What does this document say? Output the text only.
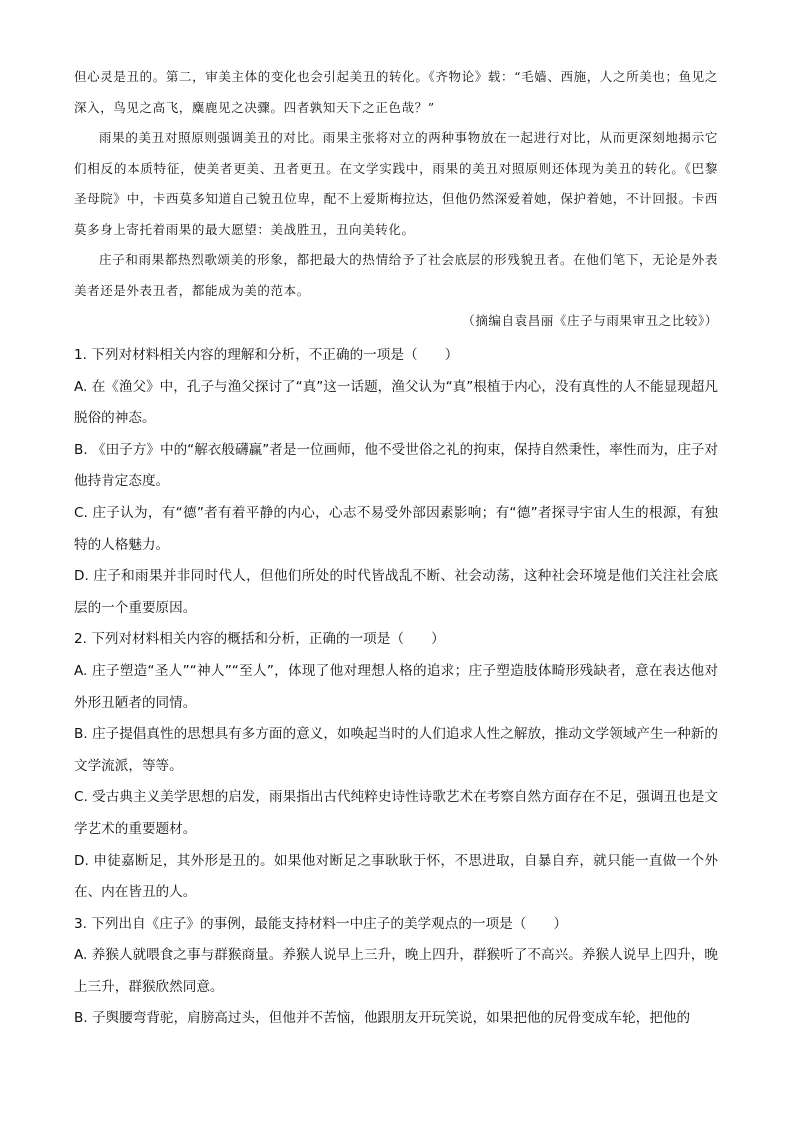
但心灵是丑的。第二，审美主体的变化也会引起美丑的转化。《齐物论》载：“毛嫱、西施，人之所美也；鱼见之深入，鸟见之高飞，麋鹿见之决骤。四者孰知天下之正色哉？”

雨果的美丑对照原则强调美丑的对比。雨果主张将对立的两种事物放在一起进行对比，从而更深刻地揭示它们相反的本质特征，使美者更美、丑者更丑。在文学实践中，雨果的美丑对照原则还体现为美丑的转化。《巴黎圣母院》中，卡西莫多知道自己貌丑位卑，配不上爱斯梅拉达，但他仍然深爱着她，保护着她，不计回报。卡西莫多身上寄托着雨果的最大愿望：美战胜丑，丑向美转化。

庄子和雨果都热烈歌颂美的形象，都把最大的热情给予了社会底层的形残貌丑者。在他们笔下，无论是外表美者还是外表丑者，都能成为美的范本。

（摘编自袁昌丽《庄子与雨果审丑之比较》）

1. 下列对材料相关内容的理解和分析，不正确的一项是（　　）

A. 在《渔父》中，孔子与渔父探讨了“真”这一话题，渔父认为“真”根植于内心，没有真性的人不能显现超凡脱俗的神态。

B. 《田子方》中的“解衣般礴赢”者是一位画师，他不受世俗之礼的拘束，保持自然秉性，率性而为，庄子对他持肯定态度。

C. 庄子认为，有“德”者有着平静的内心，心志不易受外部因素影响；有“德”者探寻宇宙人生的根源，有独特的人格魅力。

D. 庄子和雨果并非同时代人，但他们所处的时代皆战乱不断、社会动荡，这种社会环境是他们关注社会底层的一个重要原因。

2. 下列对材料相关内容的概括和分析，正确的一项是（　　）

A. 庄子塑造“圣人”“神人”“至人”，体现了他对理想人格的追求；庄子塑造肢体畸形残缺者，意在表达他对外形丑陋者的同情。

B. 庄子提倡真性的思想具有多方面的意义，如唤起当时的人们追求人性之解放，推动文学领域产生一种新的文学流派，等等。

C. 受古典主义美学思想的启发，雨果指出古代纯粹史诗性诗歌艺术在考察自然方面存在不足，强调丑也是文学艺术的重要题材。

D. 申徒嘉断足，其外形是丑的。如果他对断足之事耿耿于怀，不思进取，自暴自弃，就只能一直做一个外在、内在皆丑的人。

3. 下列出自《庄子》的事例，最能支持材料一中庄子的美学观点的一项是（　　）

A. 养猴人就喂食之事与群猴商量。养猴人说早上三升，晚上四升，群猴听了不高兴。养猴人说早上四升，晚上三升，群猴欣然同意。

B. 子舆腰弯背驼，肩膀高过头，但他并不苦恼，他跟朋友开玩笑说，如果把他的尻骨变成车轮，把他的
